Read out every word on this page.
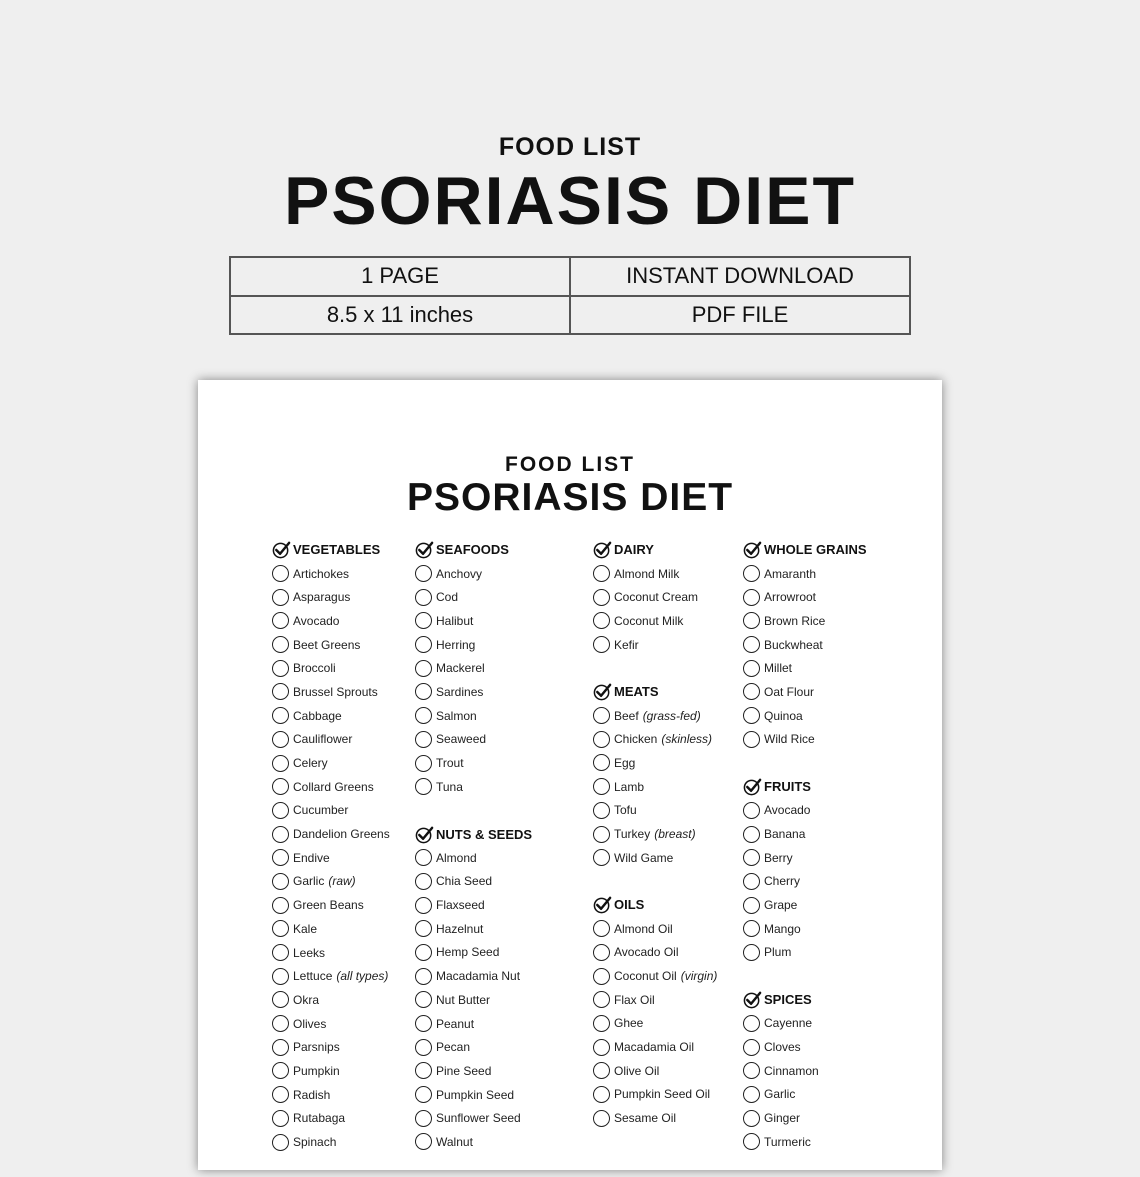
FOOD LIST
PSORIASIS DIET
1 PAGE	INSTANT DOWNLOAD
8.5 x 11 inches	PDF FILE
FOOD LIST
PSORIASIS DIET
VEGETABLES
Artichokes
Asparagus
Avocado
Beet Greens
Broccoli
Brussel Sprouts
Cabbage
Cauliflower
Celery
Collard Greens
Cucumber
Dandelion Greens
Endive
Garlic (raw)
Green Beans
Kale
Leeks
Lettuce (all types)
Okra
Olives
Parsnips
Pumpkin
Radish
Rutabaga
Spinach
SEAFOODS
Anchovy
Cod
Halibut
Herring
Mackerel
Sardines
Salmon
Seaweed
Trout
Tuna
NUTS & SEEDS
Almond
Chia Seed
Flaxseed
Hazelnut
Hemp Seed
Macadamia Nut
Nut Butter
Peanut
Pecan
Pine Seed
Pumpkin Seed
Sunflower Seed
Walnut
DAIRY
Almond Milk
Coconut Cream
Coconut Milk
Kefir
MEATS
Beef (grass-fed)
Chicken (skinless)
Egg
Lamb
Tofu
Turkey (breast)
Wild Game
OILS
Almond Oil
Avocado Oil
Coconut Oil (virgin)
Flax Oil
Ghee
Macadamia Oil
Olive Oil
Pumpkin Seed Oil
Sesame Oil
WHOLE GRAINS
Amaranth
Arrowroot
Brown Rice
Buckwheat
Millet
Oat Flour
Quinoa
Wild Rice
FRUITS
Avocado
Banana
Berry
Cherry
Grape
Mango
Plum
SPICES
Cayenne
Cloves
Cinnamon
Garlic
Ginger
Turmeric
